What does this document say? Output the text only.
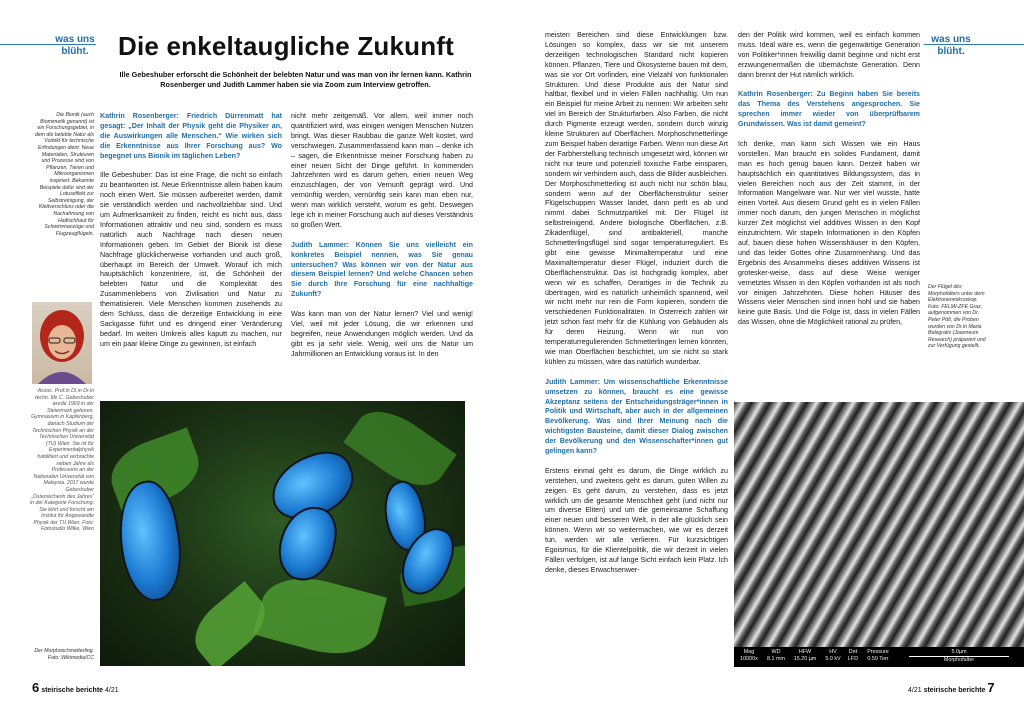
was uns blüht.
was uns blüht.
Die enkeltaugliche Zukunft
Ille Gebeshuber erforscht die Schönheit der belebten Natur und was man von ihr lernen kann. Kathrin Rosenberger und Judith Lammer haben sie via Zoom zum Interview getroffen.
Die Bionik (auch Biomimetik genannt) ist ein Forschungsgebiet, in dem die belebte Natur als Vorbild für technische Erfindungen dient: Neue Materialien, Strukturen und Prozesse sind von Pflanzen, Tieren und Mikroorganismen inspiriert. Bekannte Beispiele dafür sind der Lotuseffekt zur Selbstreinigung, der Klettverschluss oder die Nachahmung von Haifischhaut für Schwimmanzüge und Flugzeugflügeln.
Assoc. Prof.in DI.in Dr.in techn. Ille C. Gebeshuber wurde 1969 in der Steiermark geboren, Gymnasium in Kapfenberg, danach Studium der Technischen Physik an der Technischen Universität (TU) Wien. Sie ist für Experimentalphysik habilitiert und verbrachte sieben Jahre als Professorin an der Nationalen Universität von Malaysia. 2017 wurde Gebeshuber „Österreicherin des Jahres“ in der Kategorie Forschung. Sie lehrt und forscht am Institut für Angewandte Physik der TU Wien. Foto: Fotostudio Wilke, Wien
Der Morphoschmetterling. Foto: Wikimedia/CC

Kathrin Rosenberger: Friedrich Dürrenmatt hat gesagt: „Der Inhalt der Physik geht die Physiker an, die Auswirkungen alle Menschen.“ Wie wirken sich die Erkenntnisse aus Ihrer Forschung aus? Wo begegnet uns Bionik im täglichen Leben?

Ille Gebeshuber: Das ist eine Frage, die nicht so einfach zu beantworten ist. Neue Erkenntnisse allein haben kaum noch einen Wert. Sie müssen aufbereitet werden, damit sie verständlich werden und nachvollziehbar sind. Und um Aufmerksamkeit zu finden, reicht es nicht aus, dass Informationen attraktiv und neu sind, sondern es muss natürlich auch Nachfrage nach diesen neuen Informationen geben. Im Gebiet der Bionik ist diese Nachfrage glücklicherweise vorhanden und auch groß, überhaupt im Bereich der Umwelt. Worauf ich mich hauptsächlich konzentriere, ist, die Schönheit der belebten Natur und die Komplexität des Zusammenlebens von Zivilisation und Natur zu thematisieren. Viele Menschen kommen zusehends zu dem Schluss, dass die derzeitige Entwicklung in eine Sackgasse führt und es dringend einer Veränderung bedarf. Im weiten Umkreis alles kaputt zu machen, nur um ein paar kleine Dinge zu gewinnen, ist einfach

nicht mehr zeitgemäß. Vor allem, weil immer noch quantifiziert wird, was einigen wenigen Menschen Nutzen bringt. Was dieser Raubbau die ganze Welt kostet, wird verschwiegen. Zusammenfassend kann man – denke ich – sagen, die Erkenntnisse meiner Forschung haben zu einer neuen Sicht der Dinge geführt. In kommenden Jahrzehnten wird es darum gehen, einen neuen Weg einzuschlagen, der von Vernunft geprägt wird. Und vernünftig werden, vernünftig sein kann man eben nur, wenn man wirklich versteht, worum es geht. Deswegen lege ich in meiner Forschung auch auf dieses Verständnis so großen Wert.

Judith Lammer: Können Sie uns vielleicht ein konkretes Beispiel nennen, was Sie genau untersuchen? Was können wir von der Natur aus diesem Beispiel lernen? Und welche Chancen sehen Sie durch Ihre Forschung für eine nachhaltige Zukunft?

Was kann man von der Natur lernen? Viel und wenig! Viel, weil mit jeder Lösung, die wir erkennen und begreifen, neue Anwendungen möglich werden. Und da gibt es ja sehr viele. Wenig, weil uns die Natur um Jahrmillionen an Entwicklung voraus ist. In den

meisten Bereichen sind diese Entwicklungen bzw. Lösungen so komplex, dass wir sie mit unserem derzeitigen technologischen Standard nicht kopieren können. Pflanzen, Tiere und Ökosysteme bauen mit dem, was sie vor Ort vorfinden, eine Vielzahl von funktionalen Strukturen. Und diese Produkte aus der Natur sind haltbar, flexibel und in vielen Fällen nachhaltig. Um nun ein Beispiel für meine Arbeit zu nennen: Wir arbeiten sehr viel im Bereich der Strukturfarben. Also Farben, die nicht durch Pigmente erzeugt werden, sondern durch winzig kleine Strukturen auf Oberflächen. Morphoschmetterlinge zum Beispiel haben derartige Farben. Wenn nun diese Art der Farbherstellung technisch umgesetzt wird, können wir nicht nur teure und potenziell toxische Farbe einsparen, sondern wir verhindern auch, dass die Bilder ausbleichen. Der Morphoschmetterling ist auch nicht nur schön blau, sondern wenn auf der Oberflächenstruktur seiner Flügelschuppen Wasser landet, dann perlt es ab und nimmt dabei Schmutzpartikel mit. Der Flügel ist selbstreinigend. Andere biologische Oberflächen, z.B. Zikadenflügel, sind antibakteriell, manche Schmetterlingsflügel sind sogar temperaturreguliert. Es gibt eine gewisse Minimaltemperatur und eine Maximaltemperatur dieser Flügel, induziert durch die Oberflächenstruktur. Das ist hochgradig komplex, aber wenn wir es schaffen, Derartiges in die Technik zu übertragen, wird es natürlich unheimlich spannend, weil wir nicht mehr nur rein die Form kopieren, sondern die verschiedenen Funktionalitäten. In Österreich zahlen wir jetzt schon fast mehr für die Kühlung von Gebäuden als für deren Heizung. Wenn wir nun von temperaturregulierenden Schmetterlingen lernen könnten, wie man Oberflächen beschichtet, um sie nicht so stark kühlen zu müssen, wäre das natürlich wunderbar.

Judith Lammer: Um wissenschaftliche Erkenntnisse umsetzen zu können, braucht es eine gewisse Akzeptanz seitens der Entscheidungsträger*innen in Politik und Wirtschaft, aber auch in der allgemeinen Bevölkerung. Was sind Ihrer Meinung nach die wichtigsten Bausteine, damit dieser Dialog zwischen der Bevölkerung und den Wissenschafter*innen gut gelingen kann?

Erstens einmal geht es darum, die Dinge wirklich zu verstehen, und zweitens geht es darum, guten Willen zu zeigen. Es geht darum, zu verstehen, dass es jetzt wirklich um die gesamte Menschheit geht (und nicht nur um diverse Eliten) und um die gemeinsame Schaffung einer neuen und besseren Welt, in der alle glücklich sein können. Wenn wir so weitermachen, wie wir es derzeit tun, werden wir alle verlieren. Für kurzsichtigen Egoismus, für die Klientelpolitik, die wir derzeit in vielen Fällen verfolgen, ist auf lange Sicht einfach kein Platz. Ich denke, dieses Erwachsenwer-

den der Politik wird kommen, weil es einfach kommen muss. Ideal wäre es, wenn die gegenwärtige Generation von Politiker*innen freiwillig damit beginne und nicht erst erzwungenermaßen die übernächste Generation. Denn dann brennt der Hut nämlich wirklich.

Kathrin Rosenberger: Zu Beginn haben Sie bereits das Thema des Verstehens angesprochen. Sie sprechen immer wieder von überprüfbarem Grundwissen. Was ist damit gemeint?

Ich denke, man kann sich Wissen wie ein Haus vorstellen. Man braucht ein solides Fundament, damit man es hoch genug bauen kann. Derzeit haben wir hauptsächlich ein quantitatives Bildungssystem, das in vielen Bereichen noch aus der Zeit stammt, in der Information Mangelware war. Nur wer viel wusste, hatte einen Vorteil. Aus diesem Grund geht es in vielen Fällen immer noch darum, den jungen Menschen in möglichst kurzer Zeit möglichst viel additives Wissen in den Kopf einzutrichtern. Wir stapeln Informationen in den Köpfen auf, bauen diese hohen Wissenshäuser in den Köpfen, und das leider Gottes ohne Zusammenhang. Und das Ergebnis des Ansammelns dieses additiven Wissens ist grotesker-weise, dass auf diese Weise weniger vernetztes Wissen in den Köpfen vorhanden ist als noch vor einigen Jahrzehnten. Diese hohen Häuser des Wissens vieler Menschen sind innen hohl und sie haben keine gute Basis. Und die Folge ist, dass in vielen Fällen das Wissen, ohne die Möglichkeit rational zu prüfen,

Der Flügel des Morphofalters unter dem Elektronenmikroskop. Foto: FELMI-ZFE Graz, aufgenommen von Dr. Peter Pölt, die Proben wurden von Dr.in Maria Belegratis (Joanneum Research) präpariert und zur Verfügung gestellt.
Mag
10000x
WD
8.1 mm
HFW
15.20 µm
HV
5.0 kV
Det
LFD
Pressure
0.50 Torr
5.0µm
Morphofalter
6 steirische berichte 4/21	4/21 steirische berichte 7
